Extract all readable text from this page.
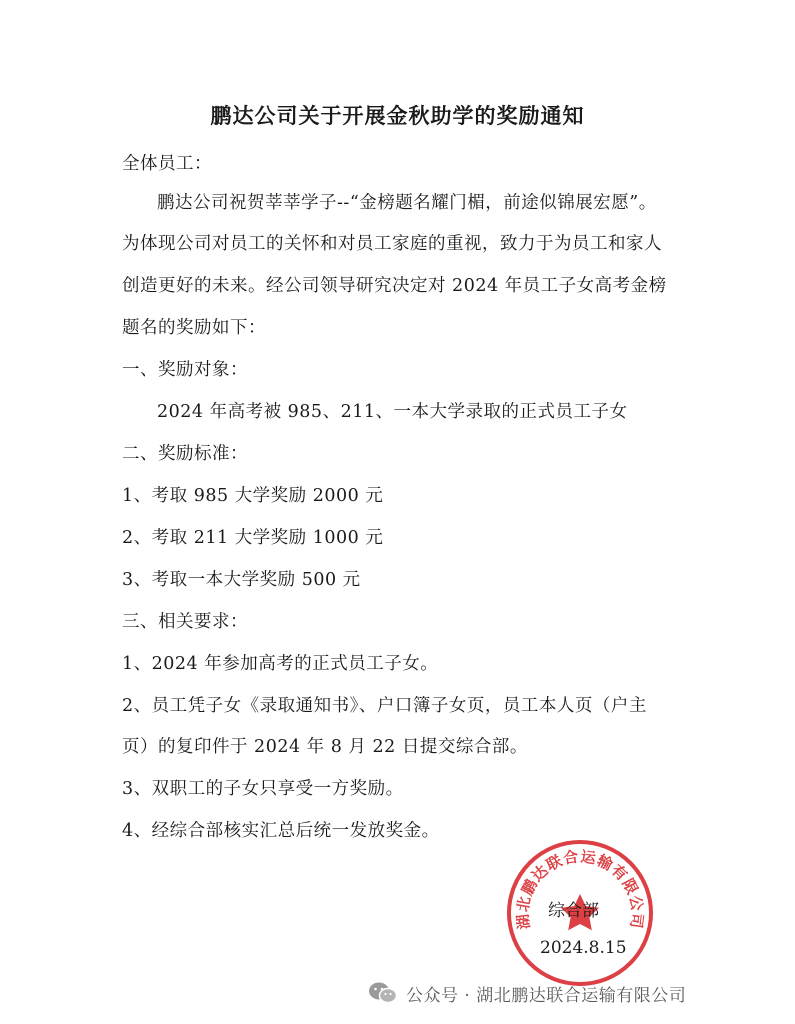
鹏达公司关于开展金秋助学的奖励通知
全体员工：
鹏达公司祝贺莘莘学子--“金榜题名耀门楣，前途似锦展宏愿”。
为体现公司对员工的关怀和对员工家庭的重视，致力于为员工和家人
创造更好的未来。经公司领导研究决定对 2024 年员工子女高考金榜
题名的奖励如下：
一、奖励对象：
2024 年高考被 985、211、一本大学录取的正式员工子女
二、奖励标准：
1、考取 985 大学奖励 2000 元
2、考取 211 大学奖励 1000 元
3、考取一本大学奖励 500 元
三、相关要求：
1、2024 年参加高考的正式员工子女。
2、员工凭子女《录取通知书》、户口簿子女页，员工本人页（户主
页）的复印件于 2024 年 8 月 22 日提交综合部。
3、双职工的子女只享受一方奖励。
4、经综合部核实汇总后统一发放奖金。
湖北鹏达联合运输有限公司
综合部
2024.8.15
公众号 · 湖北鹏达联合运输有限公司
